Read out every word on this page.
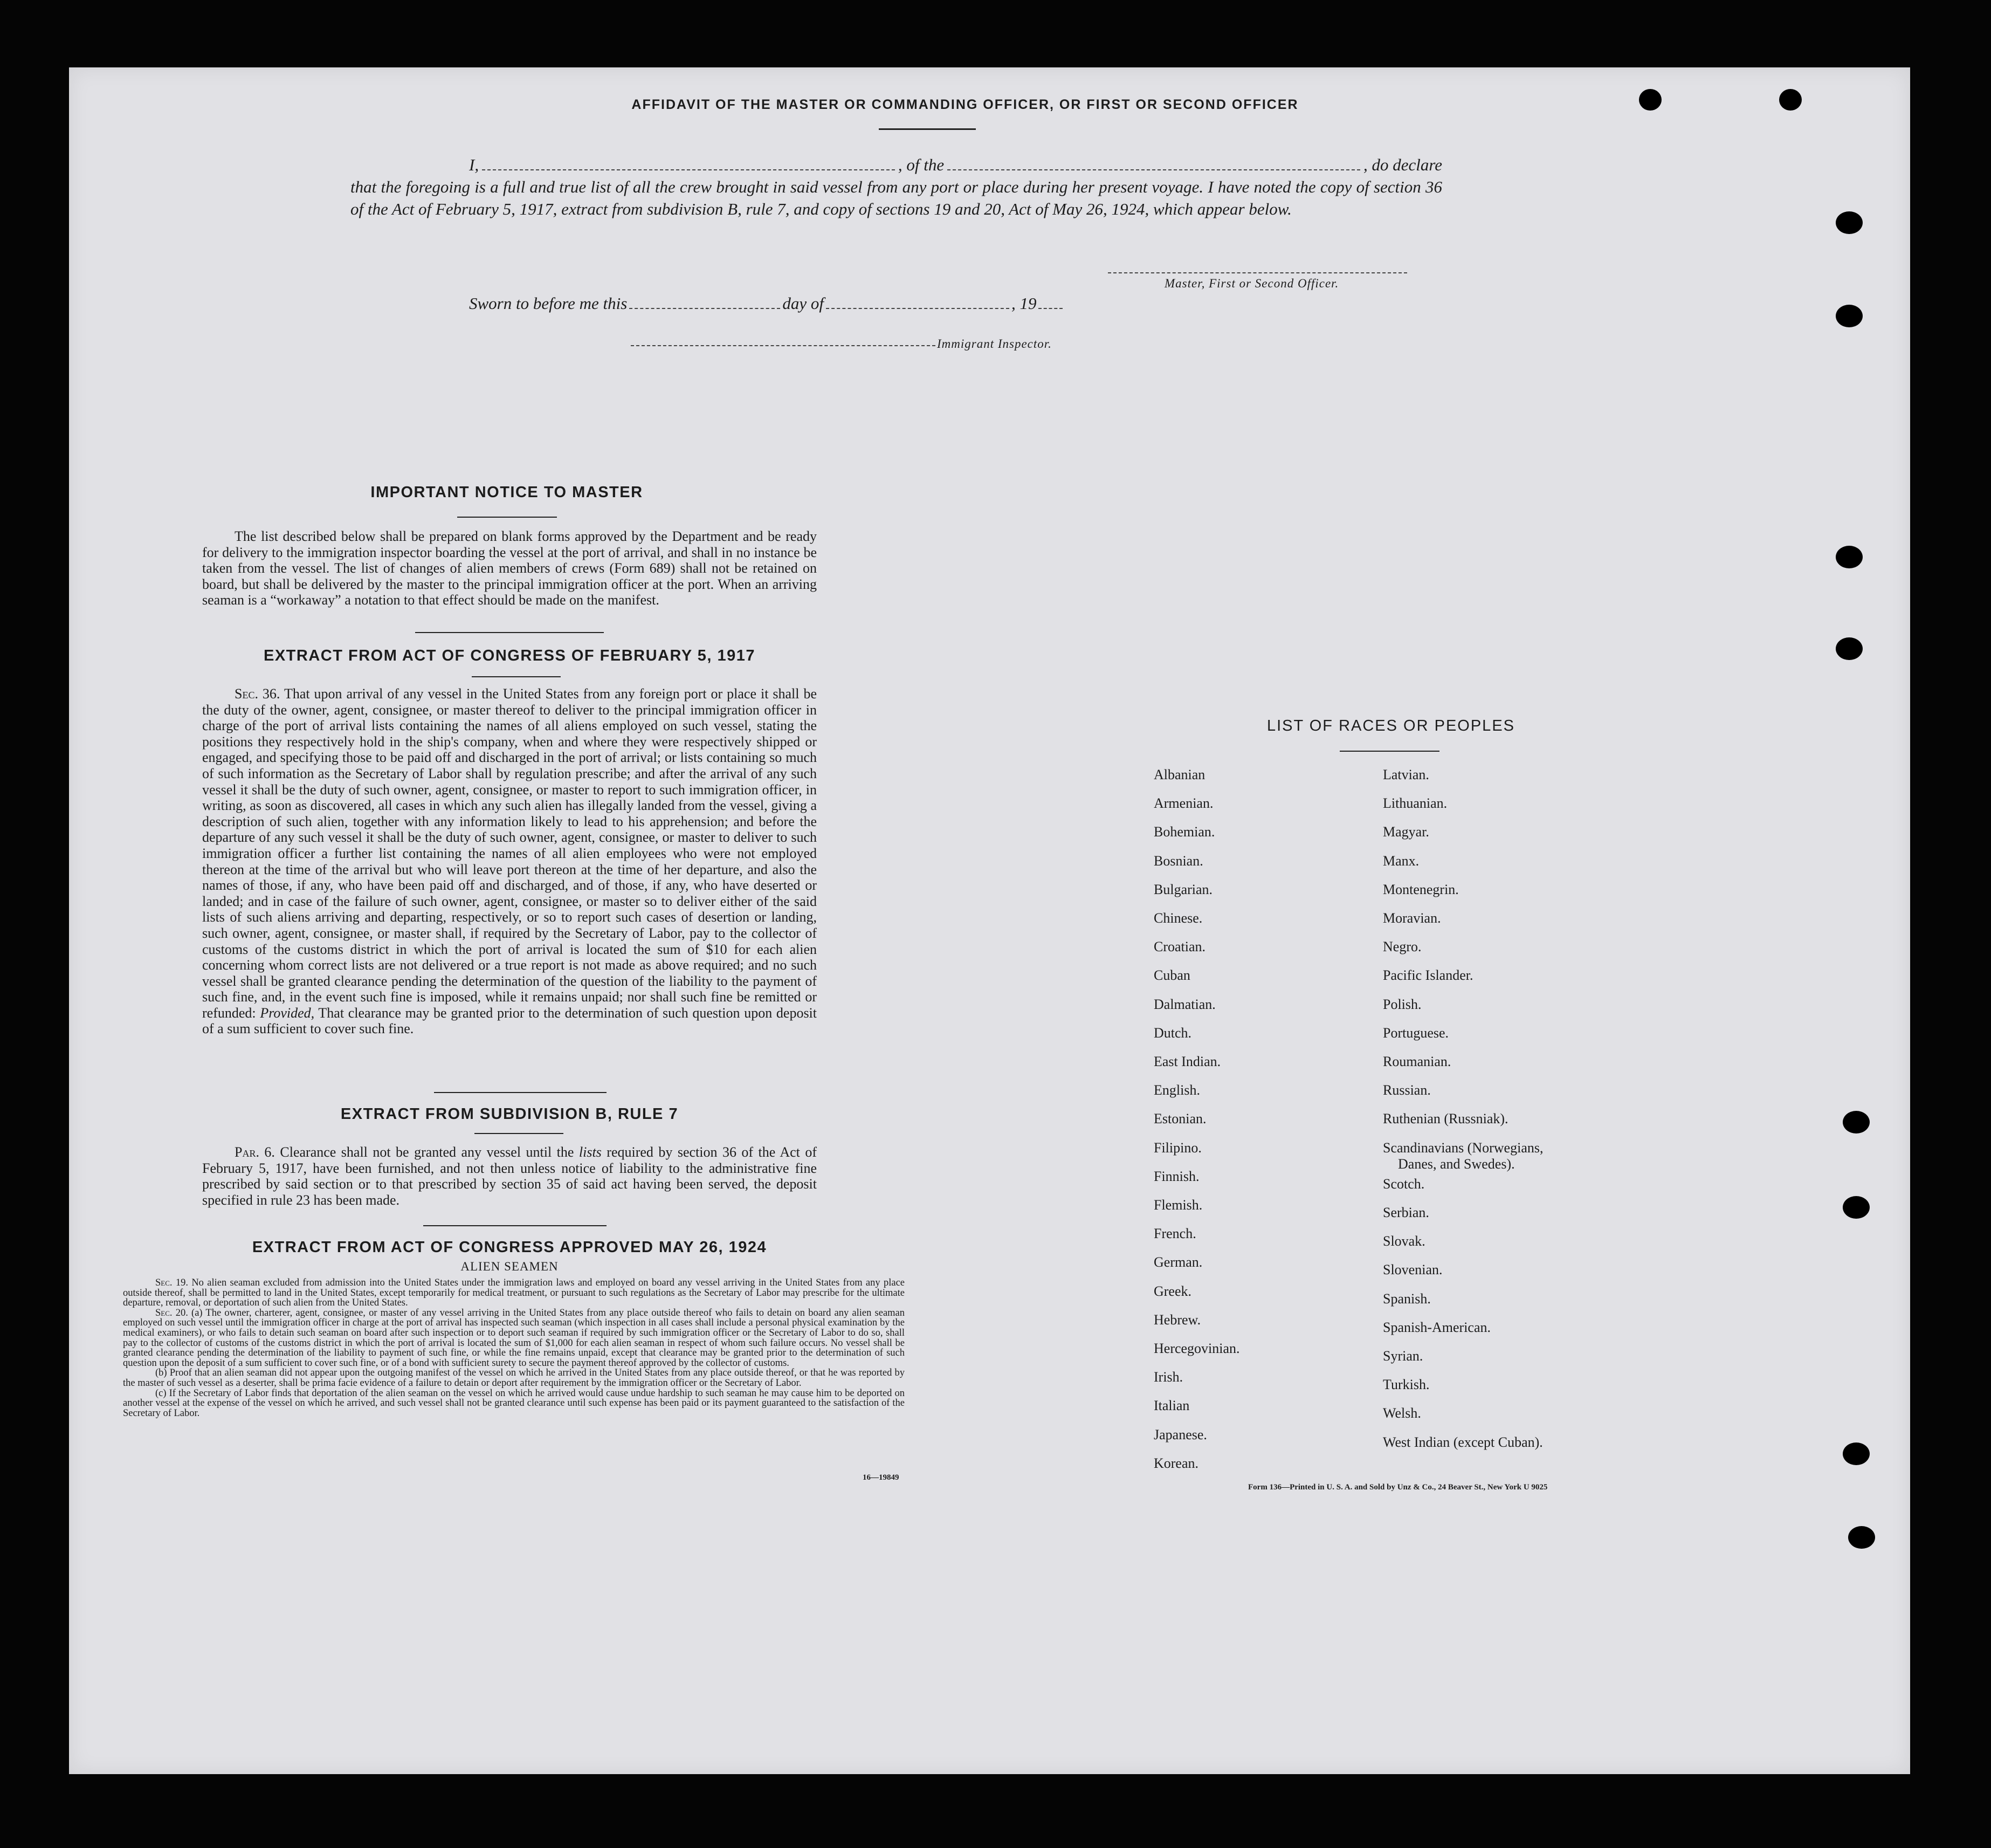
AFFIDAVIT OF THE MASTER OR COMMANDING OFFICER, OR FIRST OR SECOND OFFICER
I,	, of the	, do declare
that the foregoing is a full and true list of all the crew brought in said vessel from any port or place during her present voyage. I have noted the copy of section 36 of the Act of February 5, 1917, extract from subdivision B, rule 7, and copy of sections 19 and 20, Act of May 26, 1924, which appear below.
Master, First or Second Officer.
Sworn to before me this	day of	, 19
Immigrant Inspector.
IMPORTANT NOTICE TO MASTER
The list described below shall be prepared on blank forms approved by the Department and be ready for delivery to the immigration inspector boarding the vessel at the port of arrival, and shall in no instance be taken from the vessel. The list of changes of alien members of crews (Form 689) shall not be retained on board, but shall be delivered by the master to the principal immigration officer at the port. When an arriving seaman is a “workaway” a notation to that effect should be made on the manifest.
EXTRACT FROM ACT OF CONGRESS OF FEBRUARY 5, 1917
Sec. 36. That upon arrival of any vessel in the United States from any foreign port or place it shall be the duty of the owner, agent, consignee, or master thereof to deliver to the principal immigration officer in charge of the port of arrival lists containing the names of all aliens employed on such vessel, stating the positions they respectively hold in the ship's company, when and where they were respectively shipped or engaged, and specifying those to be paid off and discharged in the port of arrival; or lists containing so much of such information as the Secretary of Labor shall by regulation prescribe; and after the arrival of any such vessel it shall be the duty of such owner, agent, consignee, or master to report to such immigration officer, in writing, as soon as discovered, all cases in which any such alien has illegally landed from the vessel, giving a description of such alien, together with any information likely to lead to his apprehension; and before the departure of any such vessel it shall be the duty of such owner, agent, consignee, or master to deliver to such immigration officer a further list containing the names of all alien employees who were not employed thereon at the time of the arrival but who will leave port thereon at the time of her departure, and also the names of those, if any, who have been paid off and discharged, and of those, if any, who have deserted or landed; and in case of the failure of such owner, agent, consignee, or master so to deliver either of the said lists of such aliens arriving and departing, respectively, or so to report such cases of desertion or landing, such owner, agent, consignee, or master shall, if required by the Secretary of Labor, pay to the collector of customs of the customs district in which the port of arrival is located the sum of $10 for each alien concerning whom correct lists are not delivered or a true report is not made as above required; and no such vessel shall be granted clearance pending the determination of the question of the liability to the payment of such fine, and, in the event such fine is imposed, while it remains unpaid; nor shall such fine be remitted or refunded: Provided, That clearance may be granted prior to the determination of such question upon deposit of a sum sufficient to cover such fine.
EXTRACT FROM SUBDIVISION B, RULE 7
Par. 6. Clearance shall not be granted any vessel until the lists required by section 36 of the Act of February 5, 1917, have been furnished, and not then unless notice of liability to the administrative fine prescribed by said section or to that prescribed by section 35 of said act having been served, the deposit specified in rule 23 has been made.
EXTRACT FROM ACT OF CONGRESS APPROVED MAY 26, 1924
ALIEN SEAMEN
Sec. 19. No alien seaman excluded from admission into the United States under the immigration laws and employed on board any vessel arriving in the United States from any place outside thereof, shall be permitted to land in the United States, except temporarily for medical treatment, or pursuant to such regulations as the Secretary of Labor may prescribe for the ultimate departure, removal, or deportation of such alien from the United States.
Sec. 20. (a) The owner, charterer, agent, consignee, or master of any vessel arriving in the United States from any place outside thereof who fails to detain on board any alien seaman employed on such vessel until the immigration officer in charge at the port of arrival has inspected such seaman (which inspection in all cases shall include a personal physical examination by the medical examiners), or who fails to detain such seaman on board after such inspection or to deport such seaman if required by such immigration officer or the Secretary of Labor to do so, shall pay to the collector of customs of the customs district in which the port of arrival is located the sum of $1,000 for each alien seaman in respect of whom such failure occurs. No vessel shall be granted clearance pending the determination of the liability to payment of such fine, or while the fine remains unpaid, except that clearance may be granted prior to the determination of such question upon the deposit of a sum sufficient to cover such fine, or of a bond with sufficient surety to secure the payment thereof approved by the collector of customs.
(b) Proof that an alien seaman did not appear upon the outgoing manifest of the vessel on which he arrived in the United States from any place outside thereof, or that he was reported by the master of such vessel as a deserter, shall be prima facie evidence of a failure to detain or deport after requirement by the immigration officer or the Secretary of Labor.
(c) If the Secretary of Labor finds that deportation of the alien seaman on the vessel on which he arrived would cause undue hardship to such seaman he may cause him to be deported on another vessel at the expense of the vessel on which he arrived, and such vessel shall not be granted clearance until such expense has been paid or its payment guaranteed to the satisfaction of the Secretary of Labor.
16—19849
LIST OF RACES OR PEOPLES
Albanian
Armenian.
Bohemian.
Bosnian.
Bulgarian.
Chinese.
Croatian.
Cuban
Dalmatian.
Dutch.
East Indian.
English.
Estonian.
Filipino.
Finnish.
Flemish.
French.
German.
Greek.
Hebrew.
Hercegovinian.
Irish.
Italian
Japanese.
Korean.
Latvian.
Lithuanian.
Magyar.
Manx.
Montenegrin.
Moravian.
Negro.
Pacific Islander.
Polish.
Portuguese.
Roumanian.
Russian.
Ruthenian (Russniak).
Scandinavians (Norwegians,
Danes, and Swedes).
Scotch.
Serbian.
Slovak.
Slovenian.
Spanish.
Spanish-American.
Syrian.
Turkish.
Welsh.
West Indian (except Cuban).
Form 136—Printed in U. S. A. and Sold by Unz & Co., 24 Beaver St., New York U 9025
